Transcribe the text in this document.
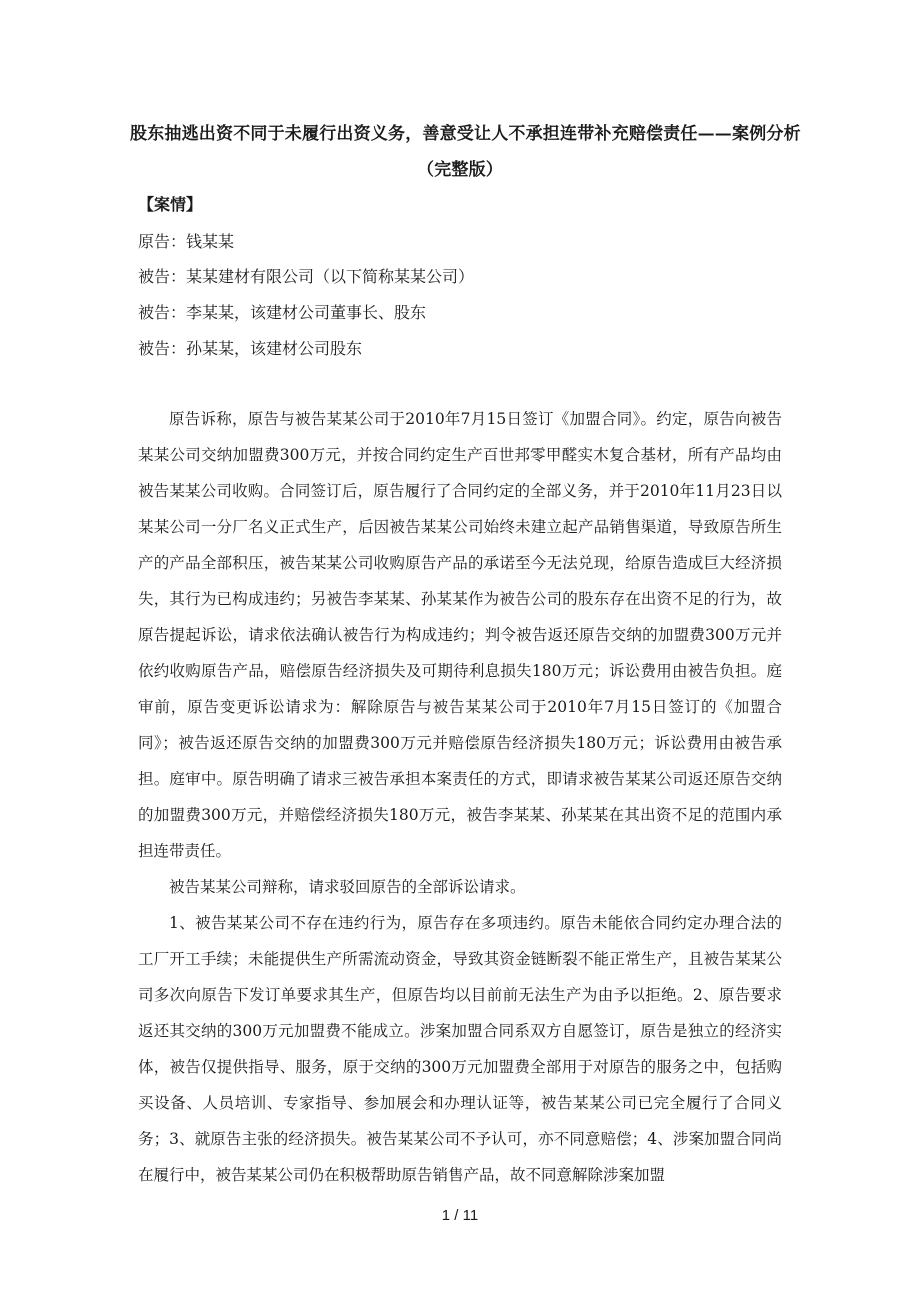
股东抽逃出资不同于未履行出资义务，善意受让人不承担连带补充赔偿责任——案例分析
（完整版）
【案情】
原告：钱某某
被告：某某建材有限公司（以下简称某某公司）
被告：李某某，该建材公司董事长、股东
被告：孙某某，该建材公司股东

原告诉称，原告与被告某某公司于2010年7月15日签订《加盟合同》。约定，原告向被告某某公司交纳加盟费300万元，并按合同约定生产百世邦零甲醛实木复合基材，所有产品均由被告某某公司收购。合同签订后，原告履行了合同约定的全部义务，并于2010年11月23日以某某公司一分厂名义正式生产，后因被告某某公司始终未建立起产品销售渠道，导致原告所生产的产品全部积压，被告某某公司收购原告产品的承诺至今无法兑现，给原告造成巨大经济损失，其行为已构成违约；另被告李某某、孙某某作为被告公司的股东存在出资不足的行为，故原告提起诉讼，请求依法确认被告行为构成违约；判令被告返还原告交纳的加盟费300万元并依约收购原告产品，赔偿原告经济损失及可期待利息损失180万元；诉讼费用由被告负担。庭审前，原告变更诉讼请求为：解除原告与被告某某公司于2010年7月15日签订的《加盟合同》；被告返还原告交纳的加盟费300万元并赔偿原告经济损失180万元；诉讼费用由被告承担。庭审中。原告明确了请求三被告承担本案责任的方式，即请求被告某某公司返还原告交纳的加盟费300万元，并赔偿经济损失180万元，被告李某某、孙某某在其出资不足的范围内承担连带责任。

被告某某公司辩称，请求驳回原告的全部诉讼请求。

1、被告某某公司不存在违约行为，原告存在多项违约。原告未能依合同约定办理合法的工厂开工手续；未能提供生产所需流动资金，导致其资金链断裂不能正常生产，且被告某某公司多次向原告下发订单要求其生产，但原告均以目前前无法生产为由予以拒绝。2、原告要求返还其交纳的300万元加盟费不能成立。涉案加盟合同系双方自愿签订，原告是独立的经济实体，被告仅提供指导、服务，原于交纳的300万元加盟费全部用于对原告的服务之中，包括购买设备、人员培训、专家指导、参加展会和办理认证等，被告某某公司已完全履行了合同义务；3、就原告主张的经济损失。被告某某公司不予认可，亦不同意赔偿；4、涉案加盟合同尚在履行中，被告某某公司仍在积极帮助原告销售产品，故不同意解除涉案加盟

1 / 11
